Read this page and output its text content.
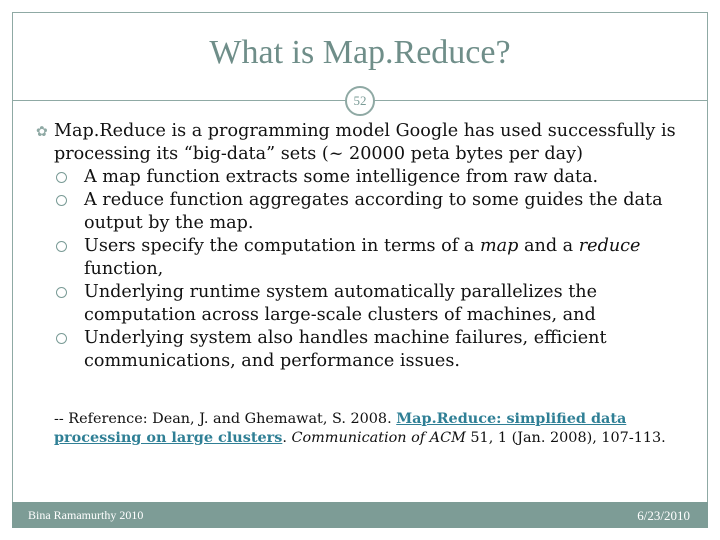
What is Map.Reduce?
52
✿ Map.Reduce is a programming model Google has used successfully is processing its “big-data” sets (~ 20000 peta bytes per day)
A map function extracts some intelligence from raw data.
A reduce function aggregates according to some guides the data output by the map.
Users specify the computation in terms of a map and a reduce function,
Underlying runtime system automatically parallelizes the computation across large-scale clusters of machines, and
Underlying system also handles machine failures, efficient communications, and performance issues.
-- Reference: Dean, J. and Ghemawat, S. 2008. Map.Reduce: simplified data processing on large clusters. Communication of ACM 51, 1 (Jan. 2008), 107-113.
Bina Ramamurthy 2010	6/23/2010
